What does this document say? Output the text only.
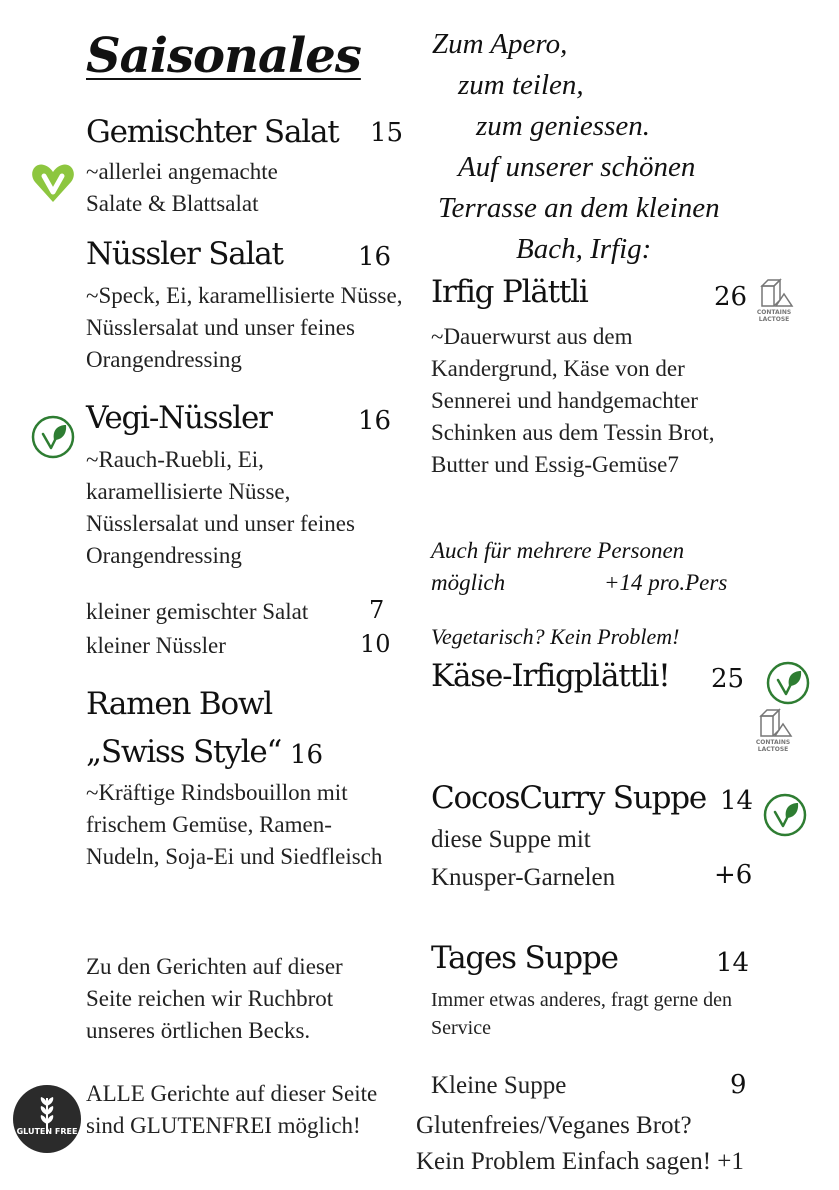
Saisonales
Gemischter Salat 15
~allerlei angemachte Salate & Blattsalat
Nüssler Salat	16
~Speck, Ei, karamellisierte Nüsse, Nüsslersalat und unser feines Orangendressing
Vegi-Nüssler	16
~Rauch-Ruebli, Ei, karamellisierte Nüsse, Nüsslersalat und unser feines Orangendressing
kleiner gemischter Salat	7
kleiner Nüssler	10
Ramen Bowl
„Swiss Style“ 16
~Kräftige Rindsbouillon mit frischem Gemüse, Ramen-Nudeln, Soja-Ei und Siedfleisch
Zu den Gerichten auf dieser Seite reichen wir Ruchbrot unseres örtlichen Becks.
GLUTEN FREE
ALLE Gerichte auf dieser Seite sind GLUTENFREI möglich!
Zum Apero,
zum teilen,
zum geniessen.
Auf unserer schönen
Terrasse an dem kleinen
Bach, Irfig:
Irfig Plättli	26
CONTAINS
LACTOSE
~Dauerwurst aus dem Kandergrund, Käse von der Sennerei und handgemachter Schinken aus dem Tessin Brot, Butter und Essig-Gemüse7
Auch für mehrere Personen
möglich	+14 pro.Pers
Vegetarisch? Kein Problem!
Käse-Irfigplättli! 25
CONTAINS
LACTOSE
CocosCurry Suppe 14
diese Suppe mit
Knusper-Garnelen	+6
Tages Suppe	14
Immer etwas anderes, fragt gerne den Service
Kleine Suppe	9
Glutenfreies/Veganes Brot?
Kein Problem Einfach sagen! +1
